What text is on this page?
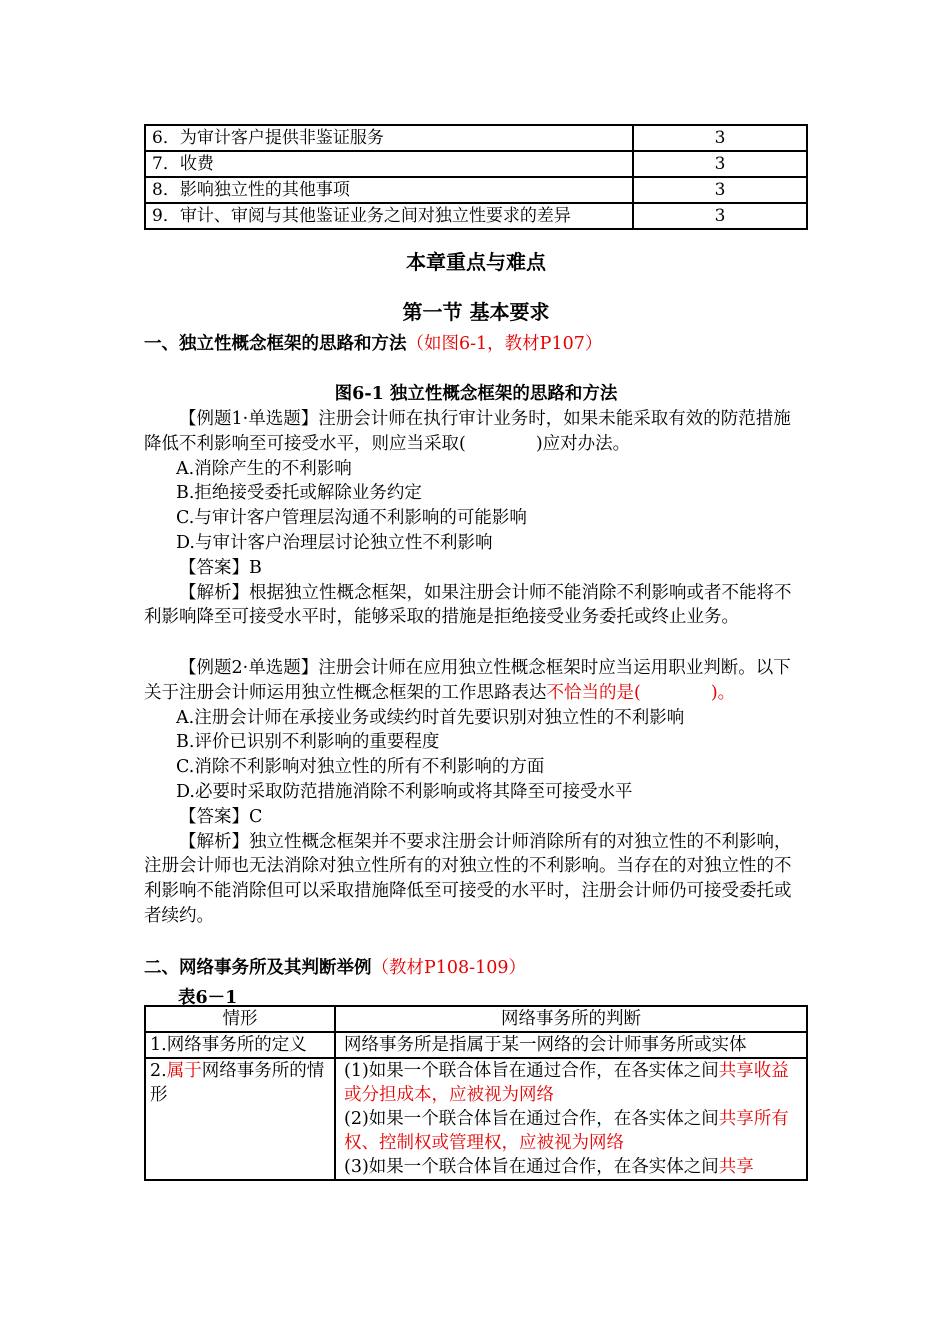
6．为审计客户提供非鉴证服务	3
7．收费	3
8．影响独立性的其他事项	3
9．审计、审阅与其他鉴证业务之间对独立性要求的差异	3
本章重点与难点
第一节 基本要求
一、独立性概念框架的思路和方法（如图6-1，教材P107）
图6-1 独立性概念框架的思路和方法

【例题1·单选题】注册会计师在执行审计业务时，如果未能采取有效的防范措施降低不利影响至可接受水平，则应当采取(	)应对办法。

A.消除产生的不利影响

B.拒绝接受委托或解除业务约定

C.与审计客户管理层沟通不利影响的可能影响

D.与审计客户治理层讨论独立性不利影响

【答案】B

【解析】根据独立性概念框架，如果注册会计师不能消除不利影响或者不能将不利影响降至可接受水平时，能够采取的措施是拒绝接受业务委托或终止业务。

【例题2·单选题】注册会计师在应用独立性概念框架时应当运用职业判断。以下关于注册会计师运用独立性概念框架的工作思路表达不恰当的是(	)。

A.注册会计师在承接业务或续约时首先要识别对独立性的不利影响

B.评价已识别不利影响的重要程度

C.消除不利影响对独立性的所有不利影响的方面

D.必要时采取防范措施消除不利影响或将其降至可接受水平

【答案】C

【解析】独立性概念框架并不要求注册会计师消除所有的对独立性的不利影响，注册会计师也无法消除对独立性所有的对独立性的不利影响。当存在的对独立性的不利影响不能消除但可以采取措施降低至可接受的水平时，注册会计师仍可接受委托或者续约。

二、网络事务所及其判断举例（教材P108-109）
表6－1
情形	网络事务所的判断
1.网络事务所的定义	网络事务所是指属于某一网络的会计师事务所或实体
2.属于网络事务所的情形	(1)如果一个联合体旨在通过合作，在各实体之间共享收益或分担成本，应被视为网络
(2)如果一个联合体旨在通过合作，在各实体之间共享所有权、控制权或管理权，应被视为网络
(3)如果一个联合体旨在通过合作，在各实体之间共享
